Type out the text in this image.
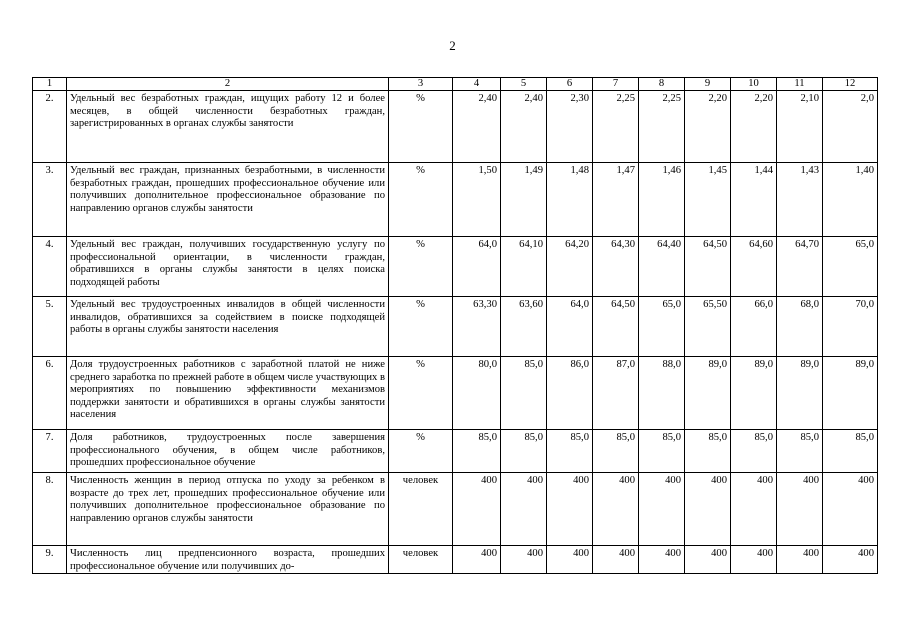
2
1	2	3	4	5	6	7	8	9	10	11	12
2.	Удельный вес безработных граждан, ищущих работу 12 и более месяцев, в общей численности безработных граждан, зарегистрированных в органах службы занятости	%	2,40	2,40	2,30	2,25	2,25	2,20	2,20	2,10	2,0
3.	Удельный вес граждан, признанных безработными, в численности безработных граждан, прошедших профессиональное обучение или получивших дополнительное профессиональное образование по направлению органов службы занятости	%	1,50	1,49	1,48	1,47	1,46	1,45	1,44	1,43	1,40
4.	Удельный вес граждан, получивших государственную услугу по профессиональной ориентации, в численности граждан, обратившихся в органы службы занятости в целях поиска подходящей работы	%	64,0	64,10	64,20	64,30	64,40	64,50	64,60	64,70	65,0
5.	Удельный вес трудоустроенных инвалидов в общей численности инвалидов, обратившихся за содействием в поиске подходящей работы в органы службы занятости населения	%	63,30	63,60	64,0	64,50	65,0	65,50	66,0	68,0	70,0
6.	Доля трудоустроенных работников с заработной платой не ниже среднего заработка по прежней работе в общем числе участвующих в мероприятиях по повышению эффективности механизмов поддержки занятости и обратившихся в органы службы занятости населения	%	80,0	85,0	86,0	87,0	88,0	89,0	89,0	89,0	89,0
7.	Доля работников, трудоустроенных после завершения профессионального обучения, в общем числе работников, прошедших профессиональное обучение	%	85,0	85,0	85,0	85,0	85,0	85,0	85,0	85,0	85,0
8.	Численность женщин в период отпуска по уходу за ребенком в возрасте до трех лет, прошедших профессиональное обучение или получивших дополнительное профессиональное образование по направлению органов службы занятости	человек	400	400	400	400	400	400	400	400	400
9.	Численность лиц предпенсионного возраста, прошедших профессиональное обучение или получивших до-	человек	400	400	400	400	400	400	400	400	400
